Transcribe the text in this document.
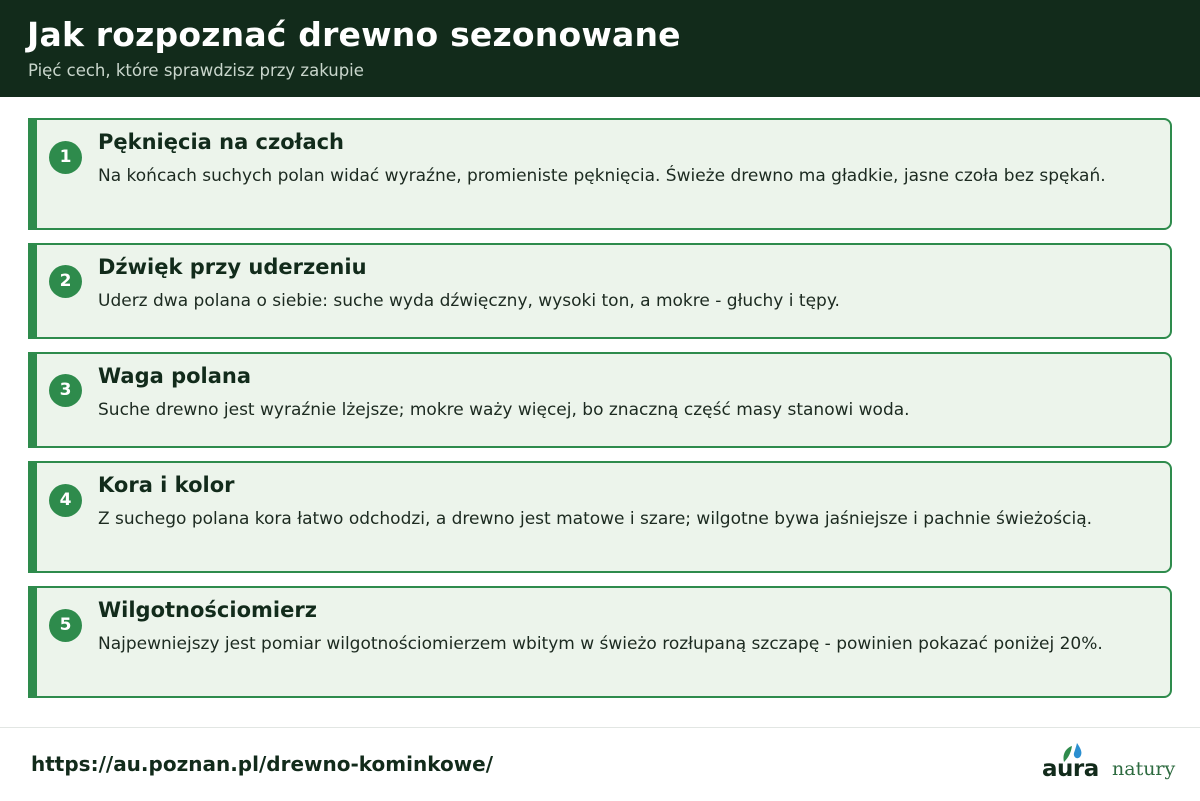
Jak rozpoznać drewno sezonowane
Pięć cech, które sprawdzisz przy zakupie
1
Pęknięcia na czołach
Na końcach suchych polan widać wyraźne, promieniste pęknięcia. Świeże drewno ma gładkie, jasne czoła bez spękań.
2
Dźwięk przy uderzeniu
Uderz dwa polana o siebie: suche wyda dźwięczny, wysoki ton, a mokre - głuchy i tępy.
3
Waga polana
Suche drewno jest wyraźnie lżejsze; mokre waży więcej, bo znaczną część masy stanowi woda.
4
Kora i kolor
Z suchego polana kora łatwo odchodzi, a drewno jest matowe i szare; wilgotne bywa jaśniejsze i pachnie świeżością.
5
Wilgotnościomierz
Najpewniejszy jest pomiar wilgotnościomierzem wbitym w świeżo rozłupaną szczapę - powinien pokazać poniżej 20%.
https://au.poznan.pl/drewno-kominkowe/	aura natury
